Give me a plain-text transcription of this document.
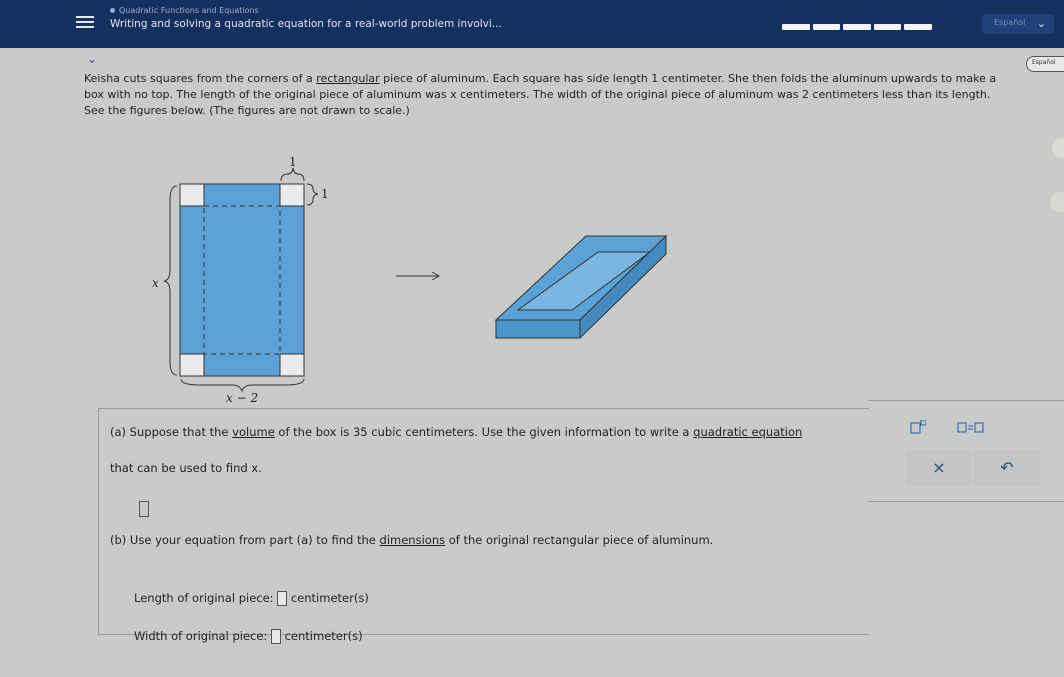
Quadratic Functions and Equations
Writing and solving a quadratic equation for a real-world problem involvi...	Español ⌄
⌄	Español
Keisha cuts squares from the corners of a rectangular piece of aluminum. Each square has side length 1 centimeter. She then folds the aluminum upwards to make a box with no top. The length of the original piece of aluminum was x centimeters. The width of the original piece of aluminum was 2 centimeters less than its length. See the figures below. (The figures are not drawn to scale.)
1
1
x
x − 2
(a) Suppose that the volume of the box is 35 cubic centimeters. Use the given information to write a quadratic equation
that can be used to find x.	×	↶
(b) Use your equation from part (a) to find the dimensions of the original rectangular piece of aluminum.
Length of original piece: centimeter(s)
Width of original piece: centimeter(s)
